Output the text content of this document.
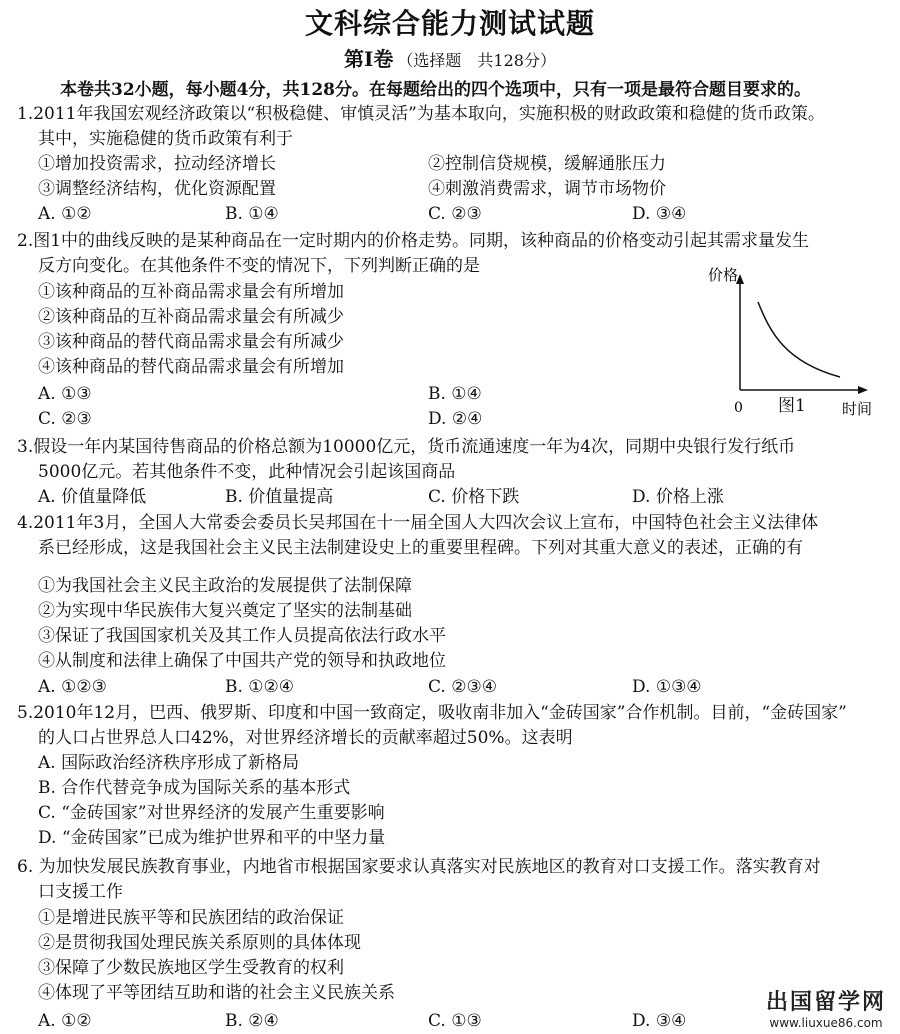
文科综合能力测试试题
第Ⅰ卷 （选择题　共128分）
本卷共32小题，每小题4分，共128分。在每题给出的四个选项中，只有一项是最符合题目要求的。
1.2011年我国宏观经济政策以“积极稳健、审慎灵活”为基本取向，实施积极的财政政策和稳健的货币政策。
其中，实施稳健的货币政策有利于
①增加投资需求，拉动经济增长	②控制信贷规模，缓解通胀压力
③调整经济结构，优化资源配置	④刺激消费需求，调节市场物价
A. ①②	B. ①④	C. ②③	D. ③④
2.图1中的曲线反映的是某种商品在一定时期内的价格走势。同期，该种商品的价格变动引起其需求量发生
反方向变化。在其他条件不变的情况下，下列判断正确的是
①该种商品的互补商品需求量会有所增加
②该种商品的互补商品需求量会有所减少
③该种商品的替代商品需求量会有所减少
④该种商品的替代商品需求量会有所增加
A. ①③	B. ①④
C. ②③	D. ②④
价格
0	时间
图1
3.假设一年内某国待售商品的价格总额为10000亿元，货币流通速度一年为4次，同期中央银行发行纸币
5000亿元。若其他条件不变，此种情况会引起该国商品
A. 价值量降低	B. 价值量提高	C. 价格下跌	D. 价格上涨
4.2011年3月，全国人大常委会委员长吴邦国在十一届全国人大四次会议上宣布，中国特色社会主义法律体
系已经形成，这是我国社会主义民主法制建设史上的重要里程碑。下列对其重大意义的表述，正确的有
①为我国社会主义民主政治的发展提供了法制保障
②为实现中华民族伟大复兴奠定了坚实的法制基础
③保证了我国国家机关及其工作人员提高依法行政水平
④从制度和法律上确保了中国共产党的领导和执政地位
A. ①②③	B. ①②④	C. ②③④	D. ①③④
5.2010年12月，巴西、俄罗斯、印度和中国一致商定，吸收南非加入“金砖国家”合作机制。目前，“金砖国家”
的人口占世界总人口42%，对世界经济增长的贡献率超过50%。这表明
A. 国际政治经济秩序形成了新格局
B. 合作代替竞争成为国际关系的基本形式
C. “金砖国家”对世界经济的发展产生重要影响
D. “金砖国家”已成为维护世界和平的中坚力量
6. 为加快发展民族教育事业，内地省市根据国家要求认真落实对民族地区的教育对口支援工作。落实教育对
口支援工作
①是增进民族平等和民族团结的政治保证
②是贯彻我国处理民族关系原则的具体体现
③保障了少数民族地区学生受教育的权利
④体现了平等团结互助和谐的社会主义民族关系
A. ①②	B. ②④	C. ①③	D. ③④
出国留学网
www.liuxue86.com
